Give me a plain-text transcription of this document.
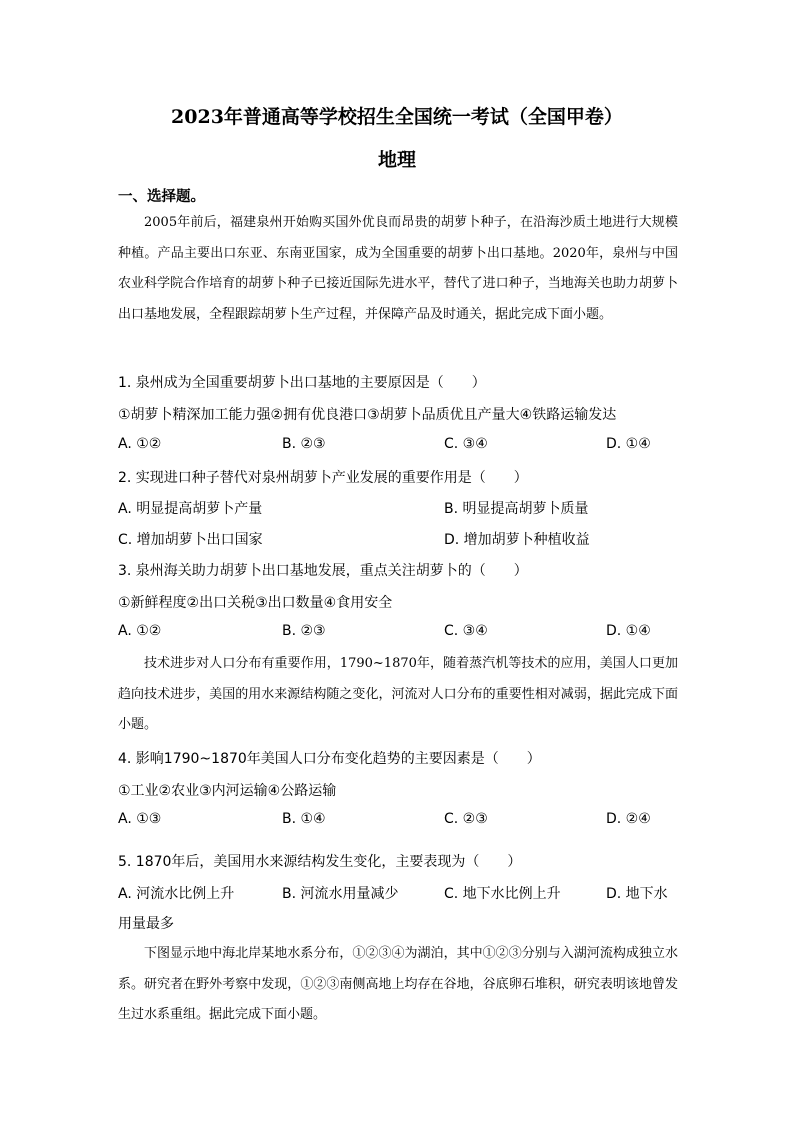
2023年普通高等学校招生全国统一考试（全国甲卷）
地理
一、选择题。

2005年前后，福建泉州开始购买国外优良而昂贵的胡萝卜种子，在沿海沙质土地进行大规模种植。产品主要出口东亚、东南亚国家，成为全国重要的胡萝卜出口基地。2020年，泉州与中国农业科学院合作培育的胡萝卜种子已接近国际先进水平，替代了进口种子，当地海关也助力胡萝卜出口基地发展，全程跟踪胡萝卜生产过程，并保障产品及时通关，据此完成下面小题。

1. 泉州成为全国重要胡萝卜出口基地的主要原因是（　　）
①胡萝卜精深加工能力强②拥有优良港口③胡萝卜品质优且产量大④铁路运输发达
A. ①②	B. ②③	C. ③④	D. ①④
2. 实现进口种子替代对泉州胡萝卜产业发展的重要作用是（　　）
A. 明显提高胡萝卜产量	B. 明显提高胡萝卜质量
C. 增加胡萝卜出口国家	D. 增加胡萝卜种植收益
3. 泉州海关助力胡萝卜出口基地发展，重点关注胡萝卜的（　　）
①新鲜程度②出口关税③出口数量④食用安全
A. ①②	B. ②③	C. ③④	D. ①④

技术进步对人口分布有重要作用，1790~1870年，随着蒸汽机等技术的应用，美国人口更加趋向技术进步，美国的用水来源结构随之变化，河流对人口分布的重要性相对减弱，据此完成下面小题。

4. 影响1790~1870年美国人口分布变化趋势的主要因素是（　　）
①工业②农业③内河运输④公路运输
A. ①③	B. ①④	C. ②③	D. ②④
5. 1870年后，美国用水来源结构发生变化，主要表现为（　　）
A. 河流水比例上升	B. 河流水用量减少	C. 地下水比例上升	D. 地下水
用量最多

下图显示地中海北岸某地水系分布，①②③④为湖泊，其中①②③分别与入湖河流构成独立水系。研究者在野外考察中发现，①②③南侧高地上均存在谷地，谷底卵石堆积，研究表明该地曾发生过水系重组。据此完成下面小题。
